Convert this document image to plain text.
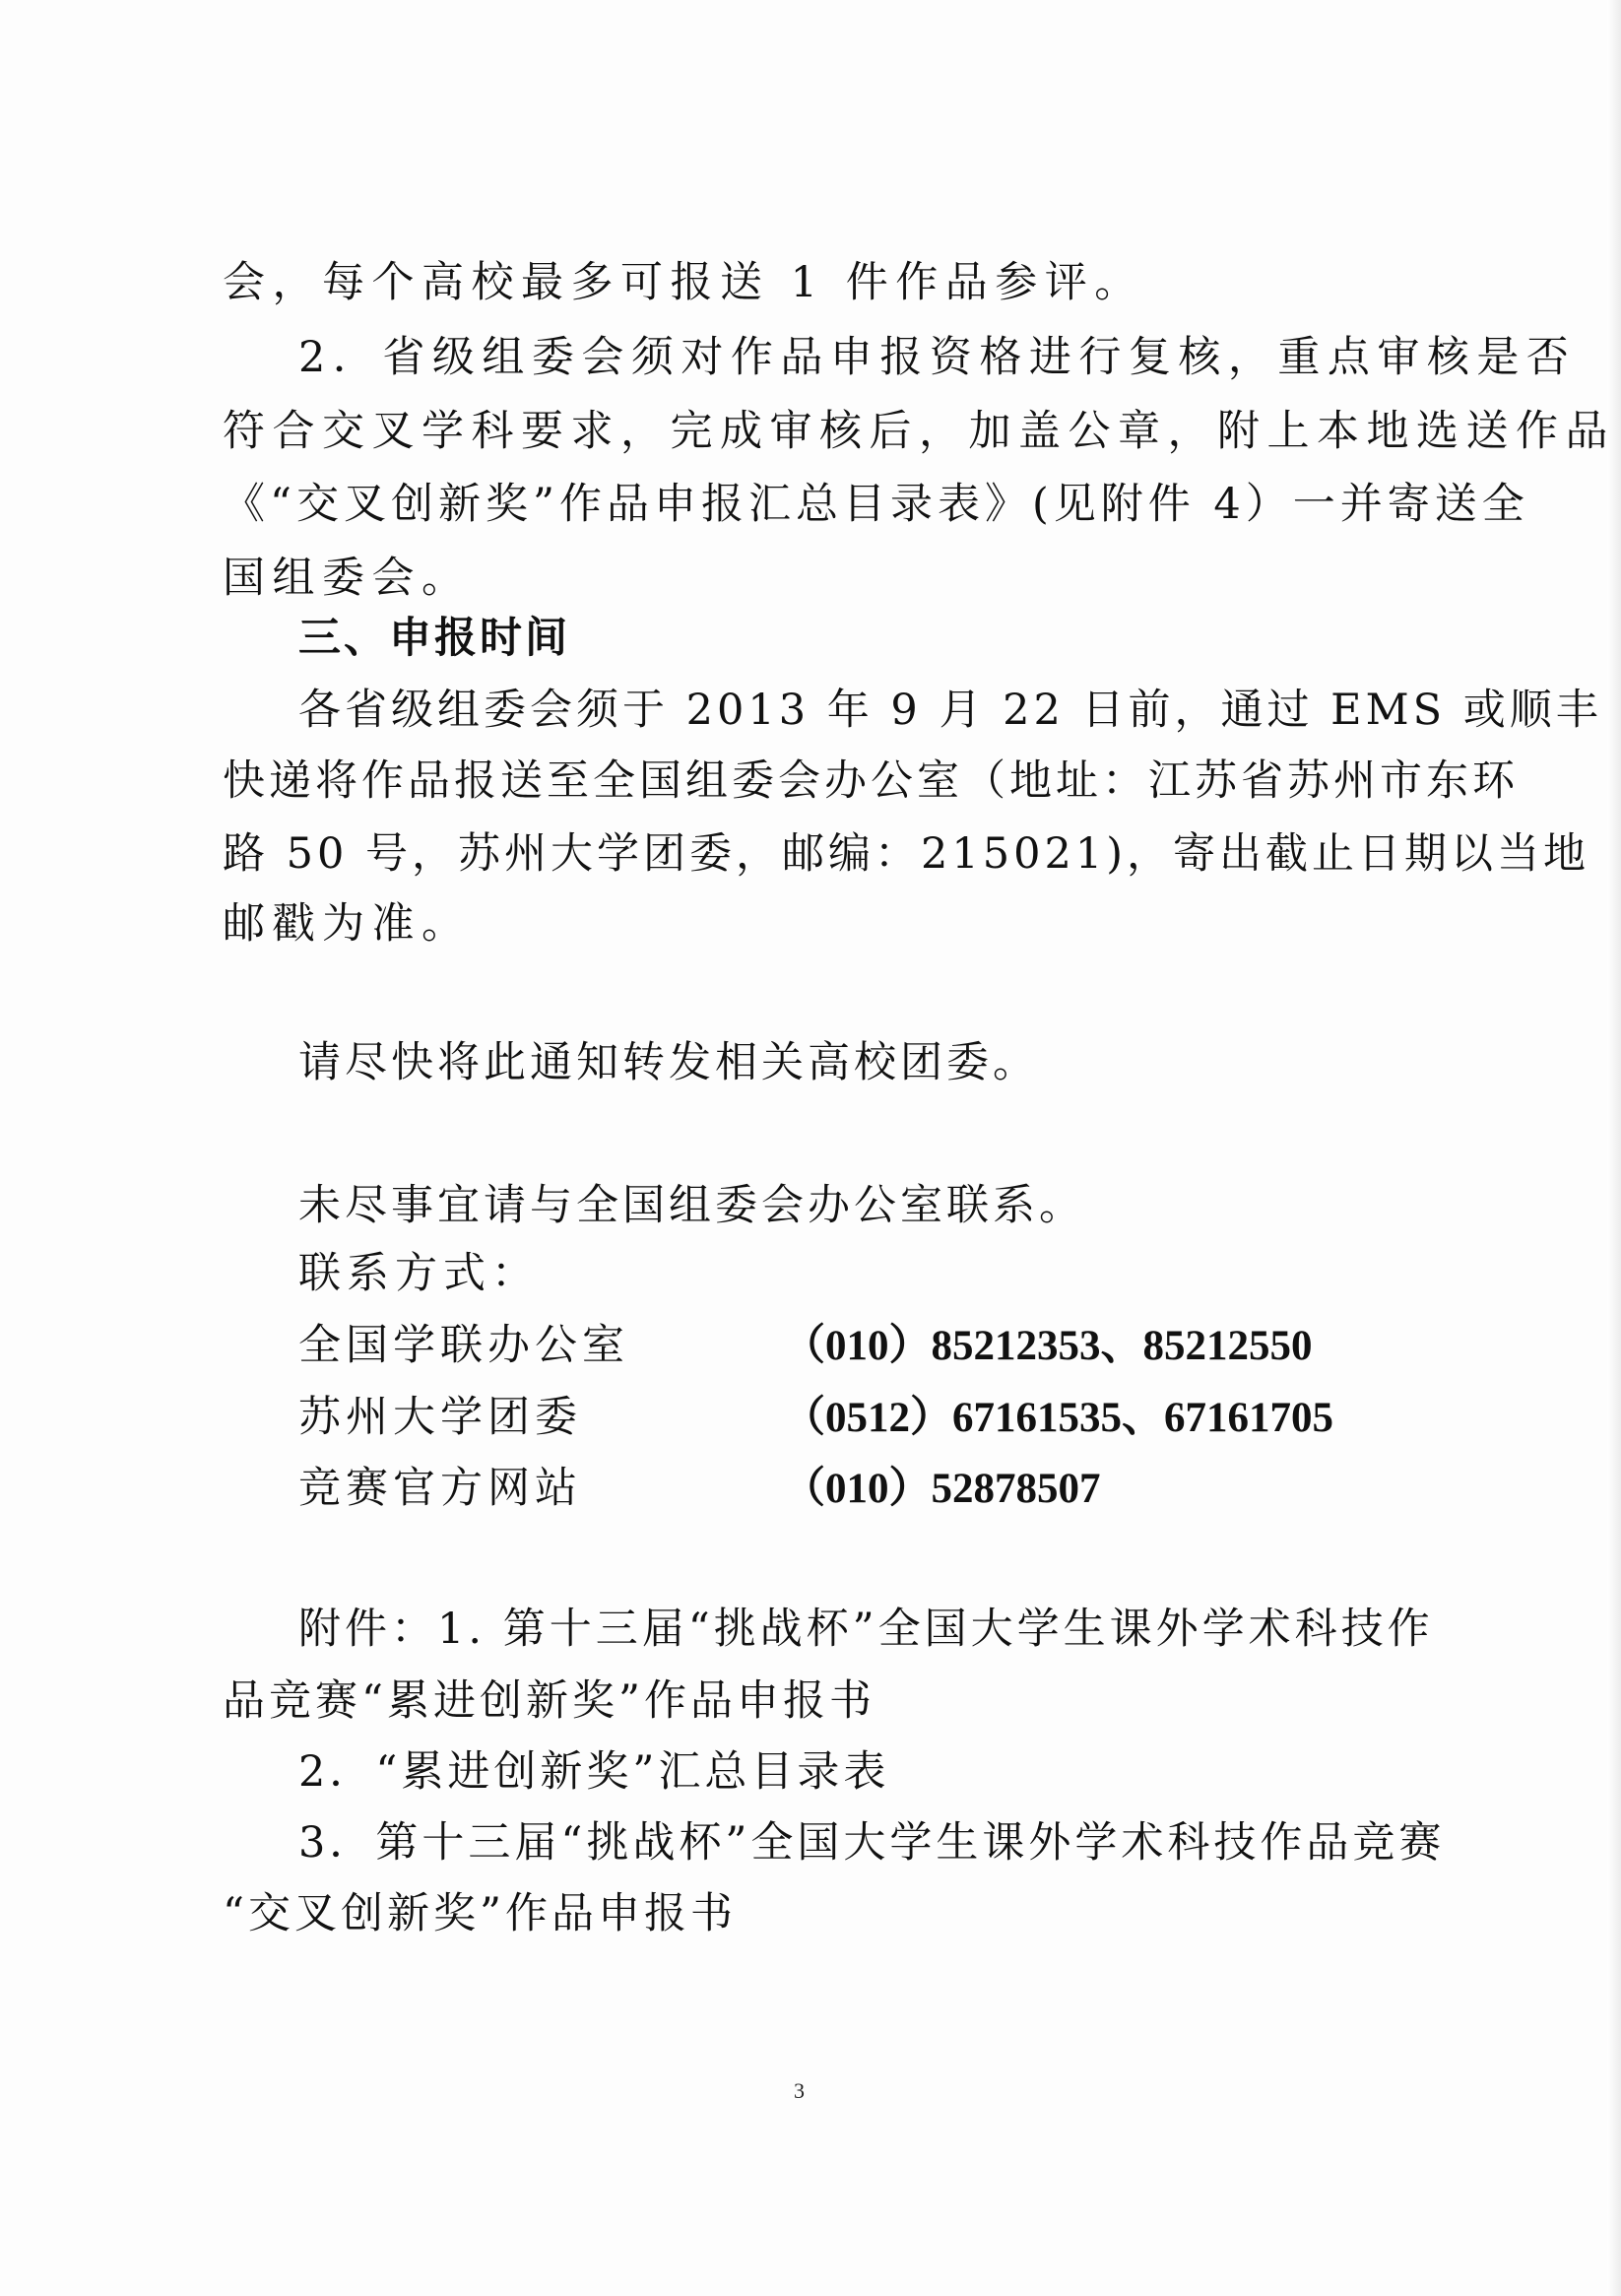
会，每个高校最多可报送 1 件作品参评。
2．省级组委会须对作品申报资格进行复核，重点审核是否
符合交叉学科要求，完成审核后，加盖公章，附上本地选送作品
《“交叉创新奖”作品申报汇总目录表》(见附件 4）一并寄送全
国组委会。
三、申报时间
各省级组委会须于 2013 年 9 月 22 日前，通过 EMS 或顺丰
快递将作品报送至全国组委会办公室（地址：江苏省苏州市东环
路 50 号，苏州大学团委，邮编：215021)，寄出截止日期以当地
邮戳为准。
请尽快将此通知转发相关高校团委。
未尽事宜请与全国组委会办公室联系。
联系方式：
全国学联办公室	（010）85212353、85212550
苏州大学团委	（0512）67161535、67161705
竞赛官方网站	（010）52878507
附件：1. 第十三届“挑战杯”全国大学生课外学术科技作
品竞赛“累进创新奖”作品申报书
2．“累进创新奖”汇总目录表
3．第十三届“挑战杯”全国大学生课外学术科技作品竞赛
“交叉创新奖”作品申报书
3
